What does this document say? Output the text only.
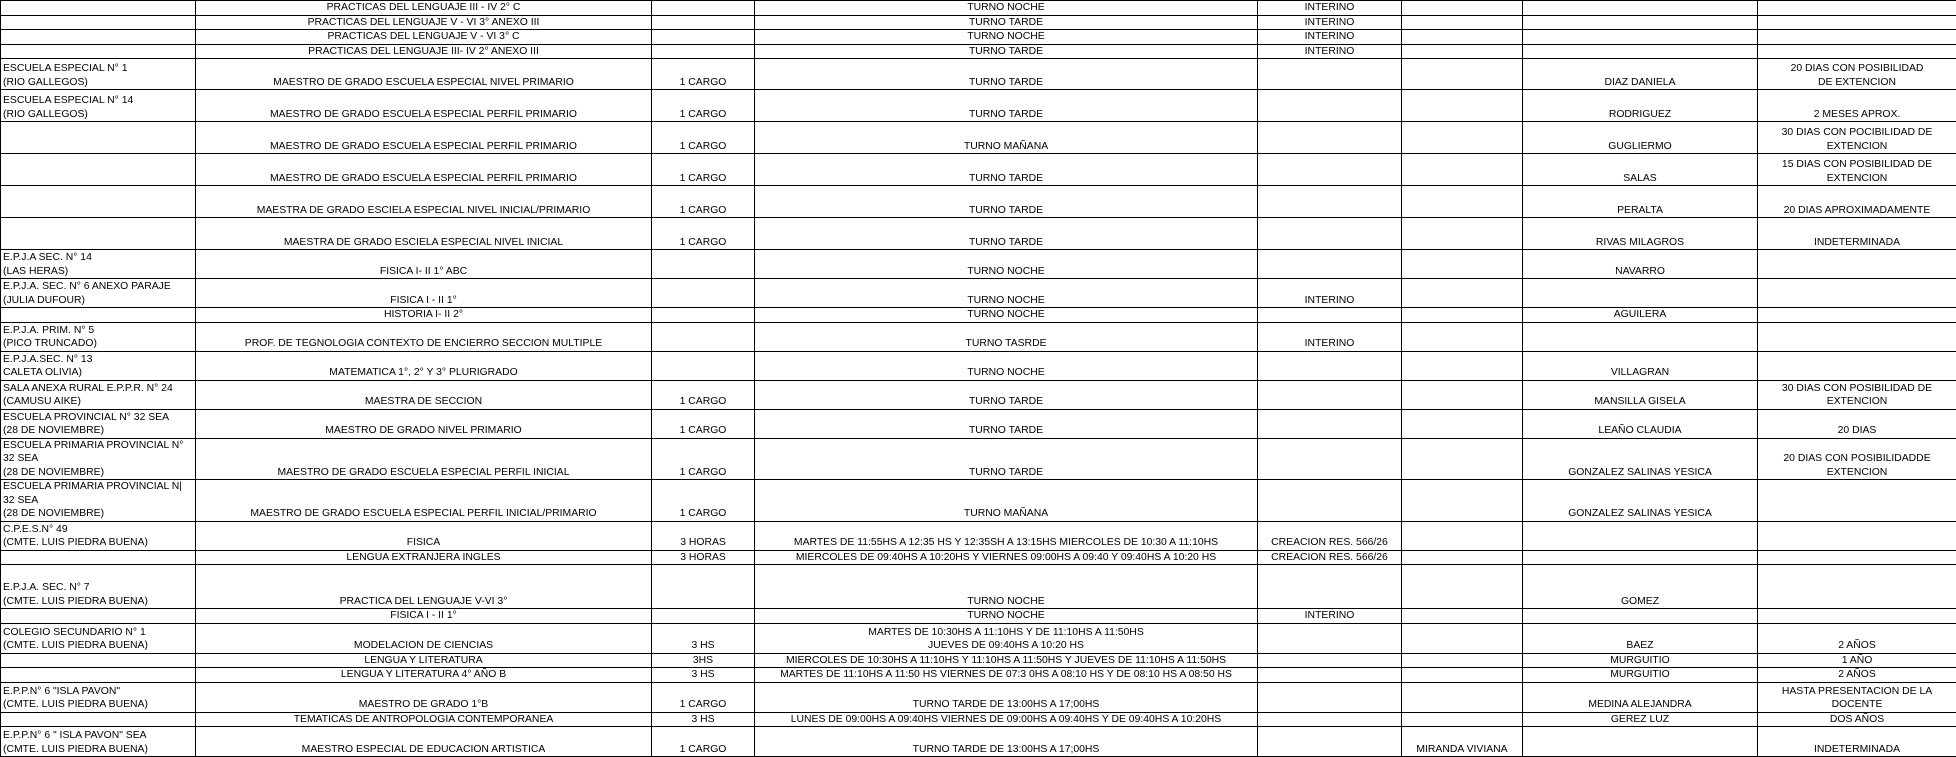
	PRACTICAS DEL LENGUAJE III - IV 2° C		TURNO NOCHE	INTERINO			
	PRACTICAS DEL LENGUAJE V - VI 3° ANEXO III		TURNO TARDE	INTERINO			
	PRACTICAS DEL LENGUAJE V - VI 3° C		TURNO NOCHE	INTERINO			
	PRACTICAS DEL LENGUAJE III- IV 2° ANEXO III		TURNO TARDE	INTERINO			
ESCUELA ESPECIAL N° 1
(RIO GALLEGOS)	MAESTRO DE GRADO ESCUELA ESPECIAL NIVEL PRIMARIO	1 CARGO	TURNO TARDE			DIAZ DANIELA	20 DIAS CON POSIBILIDAD
DE EXTENCION
ESCUELA ESPECIAL N° 14
(RIO GALLEGOS)	MAESTRO DE GRADO ESCUELA ESPECIAL PERFIL PRIMARIO	1 CARGO	TURNO TARDE			RODRIGUEZ	2 MESES APROX.
	MAESTRO DE GRADO ESCUELA ESPECIAL PERFIL PRIMARIO	1 CARGO	TURNO MAÑANA			GUGLIERMO	30 DIAS CON POCIBILIDAD DE
EXTENCION
	MAESTRO DE GRADO ESCUELA ESPECIAL PERFIL PRIMARIO	1 CARGO	TURNO TARDE			SALAS	15 DIAS CON POSIBILIDAD DE
EXTENCION
	MAESTRA DE GRADO ESCIELA ESPECIAL NIVEL INICIAL/PRIMARIO	1 CARGO	TURNO TARDE			PERALTA	20 DIAS APROXIMADAMENTE
	MAESTRA DE GRADO ESCIELA ESPECIAL NIVEL INICIAL	1 CARGO	TURNO TARDE			RIVAS MILAGROS	INDETERMINADA
E.P.J.A SEC. N° 14
(LAS HERAS)	FISICA I- II 1° ABC		TURNO NOCHE			NAVARRO	
E.P.J.A. SEC. N° 6 ANEXO PARAJE
(JULIA DUFOUR)	FISICA I - II 1°		TURNO NOCHE	INTERINO			
	HISTORIA I- II 2°		TURNO NOCHE			AGUILERA	
E.P.J.A. PRIM. N° 5
(PICO TRUNCADO)	PROF. DE TEGNOLOGIA CONTEXTO DE ENCIERRO SECCION MULTIPLE		TURNO TASRDE	INTERINO			
E.P.J.A.SEC. N° 13
CALETA OLIVIA)	MATEMATICA 1°, 2° Y 3° PLURIGRADO		TURNO NOCHE			VILLAGRAN	
SALA ANEXA RURAL E.P.P.R. N° 24
(CAMUSU AIKE)	MAESTRA DE SECCION	1 CARGO	TURNO TARDE			MANSILLA GISELA	30 DIAS CON POSIBILIDAD DE
EXTENCION
ESCUELA PROVINCIAL N° 32 SEA
(28 DE NOVIEMBRE)	MAESTRO DE GRADO NIVEL PRIMARIO	1 CARGO	TURNO TARDE			LEAÑO CLAUDIA	20 DIAS
ESCUELA PRIMARIA PROVINCIAL N° 32 SEA
(28 DE NOVIEMBRE)	MAESTRO DE GRADO ESCUELA ESPECIAL PERFIL INICIAL	1 CARGO	TURNO TARDE			GONZALEZ SALINAS YESICA	20 DIAS CON POSIBILIDADDE
EXTENCION
ESCUELA PRIMARIA PROVINCIAL N| 32 SEA
(28 DE NOVIEMBRE)	MAESTRO DE GRADO ESCUELA ESPECIAL PERFIL INICIAL/PRIMARIO	1 CARGO	TURNO MAÑANA			GONZALEZ SALINAS YESICA	
C.P.E.S.N° 49
(CMTE. LUIS PIEDRA BUENA)	FISICA	3 HORAS	MARTES DE 11:55HS A 12:35 HS Y 12:35SH A 13:15HS MIERCOLES DE 10:30 A 11:10HS	CREACION RES. 566/26			
	LENGUA EXTRANJERA INGLES	3 HORAS	MIERCOLES DE 09:40HS A 10:20HS Y VIERNES 09:00HS A 09:40 Y 09:40HS A 10:20 HS	CREACION RES. 566/26			
E.P.J.A. SEC. N° 7
(CMTE. LUIS PIEDRA BUENA)	PRACTICA DEL LENGUAJE V-VI 3°		TURNO NOCHE			GOMEZ	
	FISICA I - II 1°		TURNO NOCHE	INTERINO			
COLEGIO SECUNDARIO N° 1
(CMTE. LUIS PIEDRA BUENA)	MODELACION DE CIENCIAS	3 HS	MARTES DE 10:30HS A 11:10HS Y DE 11:10HS A 11:50HS
JUEVES DE 09:40HS A 10:20 HS			BAEZ	2 AÑOS
	LENGUA Y LITERATURA	3HS	MIERCOLES DE 10:30HS A 11:10HS Y 11:10HS A 11:50HS Y JUEVES DE 11:10HS A 11:50HS			MURGUITIO	1 AÑO
	LENGUA Y LITERATURA 4° AÑO B	3 HS	MARTES DE 11:10HS A 11:50 HS VIERNES DE 07:3 0HS A 08:10 HS Y DE 08:10 HS A 08:50 HS			MURGUITIO	2 AÑOS
E.P.P.N° 6 "ISLA PAVON"
(CMTE. LUIS PIEDRA BUENA)	MAESTRO DE GRADO 1°B	1 CARGO	TURNO TARDE DE 13:00HS A 17;00HS			MEDINA ALEJANDRA	HASTA PRESENTACION DE LA DOCENTE
	TEMATICAS DE ANTROPOLOGIA CONTEMPORANEA	3 HS	LUNES DE 09:00HS A 09:40HS VIERNES DE 09:00HS A 09:40HS Y DE 09:40HS A 10:20HS			GEREZ LUZ	DOS AÑOS
E.P.P.N° 6 " ISLA PAVON" SEA
(CMTE. LUIS PIEDRA BUENA)	MAESTRO ESPECIAL DE EDUCACION ARTISTICA	1 CARGO	TURNO TARDE DE 13:00HS A 17;00HS		MIRANDA VIVIANA		INDETERMINADA
